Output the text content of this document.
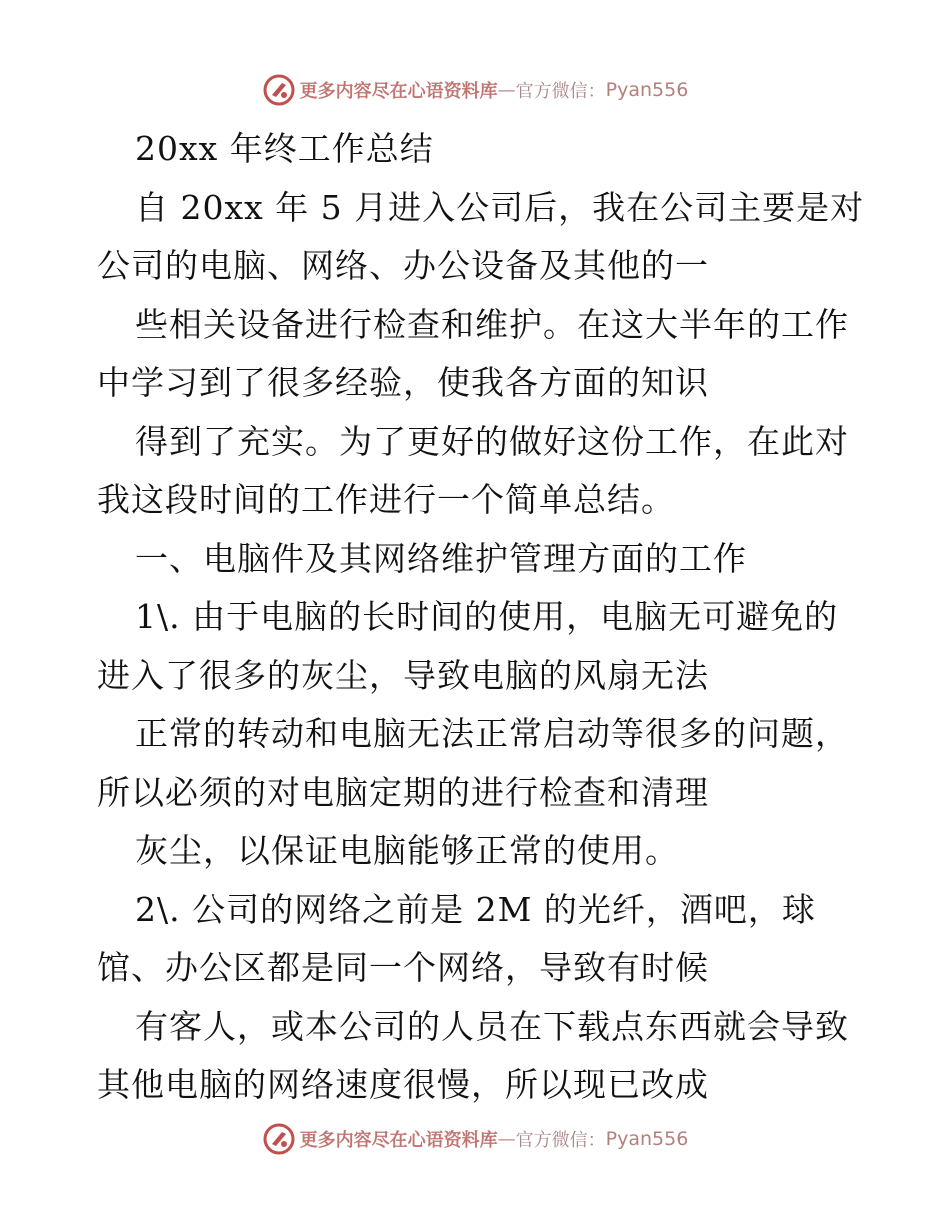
更多内容尽在心语资料库 — 官方微信： Pyan556
20xx 年终工作总结
自 20xx 年 5 月进入公司后，我在公司主要是对
公司的电脑、网络、办公设备及其他的一
些相关设备进行检查和维护。在这大半年的工作
中学习到了很多经验，使我各方面的知识
得到了充实。为了更好的做好这份工作，在此对
我这段时间的工作进行一个简单总结。
一、电脑件及其网络维护管理方面的工作
1\. 由于电脑的长时间的使用，电脑无可避免的
进入了很多的灰尘，导致电脑的风扇无法
正常的转动和电脑无法正常启动等很多的问题，
所以必须的对电脑定期的进行检查和清理
灰尘，以保证电脑能够正常的使用。
2\. 公司的网络之前是 2M 的光纤，酒吧，球
馆、办公区都是同一个网络，导致有时候
有客人，或本公司的人员在下载点东西就会导致
其他电脑的网络速度很慢，所以现已改成
更多内容尽在心语资料库 — 官方微信： Pyan556
